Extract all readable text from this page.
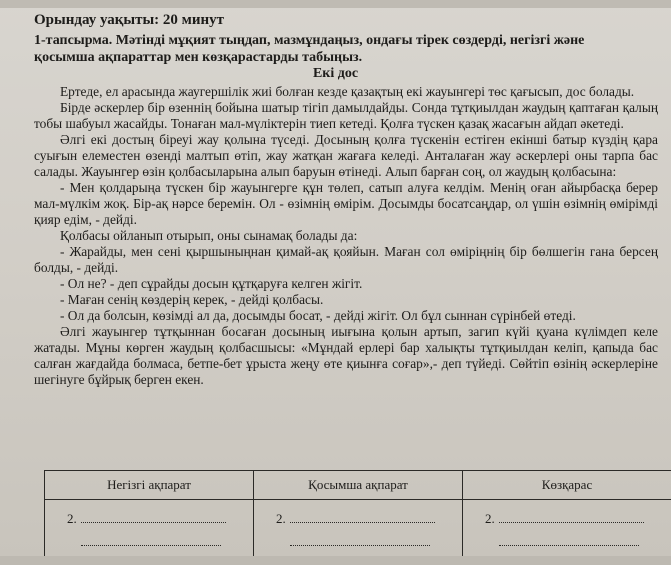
Орындау уақыты: 20 минут
1-тапсырма. Мәтінді мұқият тыңдап, мазмұндаңыз, ондағы тірек сөздерді, негізгі және
қосымша ақпараттар мен көзқарастарды табыңыз.
Екі дос

Ертеде, ел арасында жаугершілік жиі болған кезде қазақтың екі жауынгері төс қағысып, дос болады.

Бірде әскерлер бір өзеннің бойына шатыр тігіп дамылдайды. Сонда тұтқиылдан жаудың қаптаған қалың тобы шабуыл жасайды. Тонаған мал-мүліктерін тиеп кетеді. Қолға түскен қазақ жасағын айдап әкетеді.

Әлгі екі достың біреуі жау қолына түседі. Досының қолға түскенін естіген екінші батыр күздің қара суығын елеместен өзенді малтып өтіп, жау жатқан жағаға келеді. Анталаған жау әскерлері оны тарпа бас салады. Жауынгер өзін қолбасыларына алып баруын өтінеді. Алып барған соң, ол жаудың қолбасына:

- Мен қолдарыңа түскен бір жауынгерге құн төлеп, сатып алуға келдім. Менің оған айырбасқа берер мал-мүлкім жоқ. Бір-ақ нәрсе беремін. Ол - өзімнің өмірім. Досымды босатсаңдар, ол үшін өзімнің өмірімді қияр едім, - дейді.

Қолбасы ойланып отырып, оны сынамақ болады да:

- Жарайды, мен сені қыршыныңнан қимай-ақ қояйын. Маған сол өміріңнің бір бөлшегін гана берсең болды, - дейді.

- Ол не? - деп сұрайды досын құтқаруға келген жігіт.

- Маған сенің көздерің керек, - дейді қолбасы.

- Ол да болсын, көзімді ал да, досымды босат, - дейді жігіт. Ол бұл сыннан сүрінбей өтеді.

Әлгі жауынгер тұтқыннан босаған досының иығына қолын артып, загип күйі қуана күлімдеп келе жатады. Мұны көрген жаудың қолбасшысы: «Мұндай ерлері бар халықты тұтқиылдан келіп, қапыда бас салған жағдайда болмаса, бетпе-бет ұрыста жеңу өте қиынға соғар»,- деп түйеді. Сөйтіп өзінің әскерлеріне шегінуге бұйрық берген екен.

Негізгі ақпарат	Қосымша ақпарат	Көзқарас
2.	2.	2.
